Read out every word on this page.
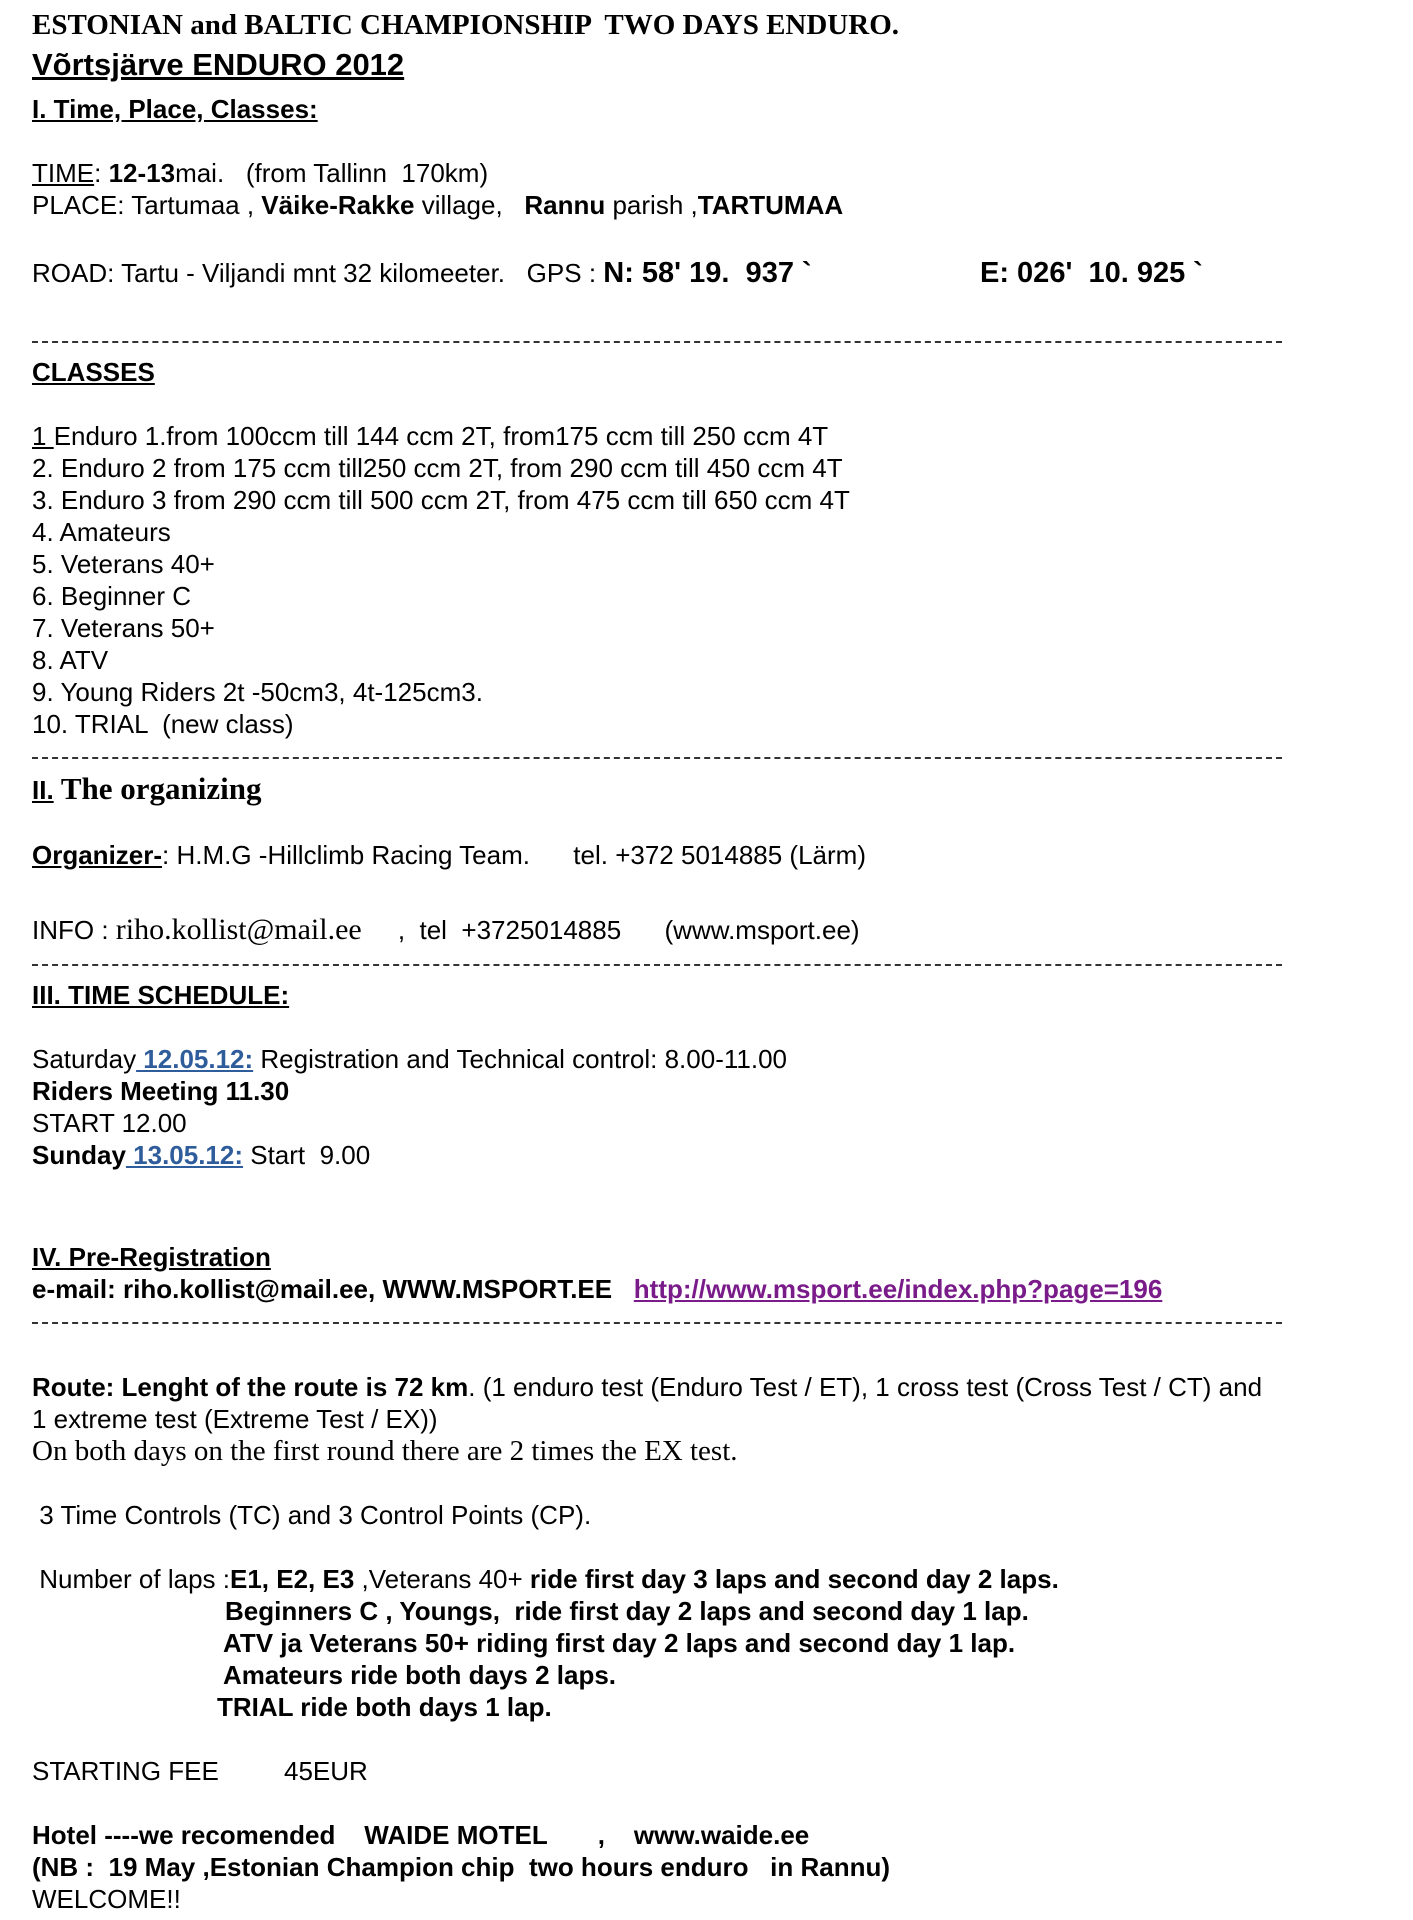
ESTONIAN and BALTIC CHAMPIONSHIP  TWO DAYS ENDURO.
Võrtsjärve ENDURO 2012
I. Time, Place, Classes:
TIME: 12-13mai.   (from Tallinn  170km)
PLACE: Tartumaa , Väike-Rakke village,   Rannu parish ,TARTUMAA
ROAD: Tartu - Viljandi mnt 32 kilomeeter.   GPS : N: 58' 19.  937 `	E: 026'  10. 925 `
CLASSES
1 Enduro 1.from 100ccm till 144 ccm 2T, from175 ccm till 250 ccm 4T
2. Enduro 2 from 175 ccm till250 ccm 2T, from 290 ccm till 450 ccm 4T
3. Enduro 3 from 290 ccm till 500 ccm 2T, from 475 ccm till 650 ccm 4T
4. Amateurs
5. Veterans 40+
6. Beginner C
7. Veterans 50+
8. ATV
9. Young Riders 2t -50cm3, 4t-125cm3.
10. TRIAL  (new class)
II. The organizing
Organizer-: H.M.G -Hillclimb Racing Team.      tel. +372 5014885 (Lärm)
INFO : riho.kollist@mail.ee     ,  tel  +3725014885      (www.msport.ee)
III. TIME SCHEDULE:
Saturday 12.05.12: Registration and Technical control: 8.00-11.00
Riders Meeting 11.30
START 12.00
Sunday 13.05.12: Start  9.00
IV. Pre-Registration
e-mail: riho.kollist@mail.ee, WWW.MSPORT.EE   http://www.msport.ee/index.php?page=196
Route: Lenght of the route is 72 km. (1 enduro test (Enduro Test / ET), 1 cross test (Cross Test / CT) and
1 extreme test (Extreme Test / EX))
On both days on the first round there are 2 times the EX test.
3 Time Controls (TC) and 3 Control Points (CP).
Number of laps :E1, E2, E3 ,Veterans 40+ ride first day 3 laps and second day 2 laps.
Beginners C , Youngs,  ride first day 2 laps and second day 1 lap.
ATV ja Veterans 50+ riding first day 2 laps and second day 1 lap.
Amateurs ride both days 2 laps.
TRIAL ride both days 1 lap.
STARTING FEE	45EUR
Hotel ----we recomended    WAIDE MOTEL       ,    www.waide.ee
(NB :  19 May ,Estonian Champion chip  two hours enduro   in Rannu)
WELCOME!!
